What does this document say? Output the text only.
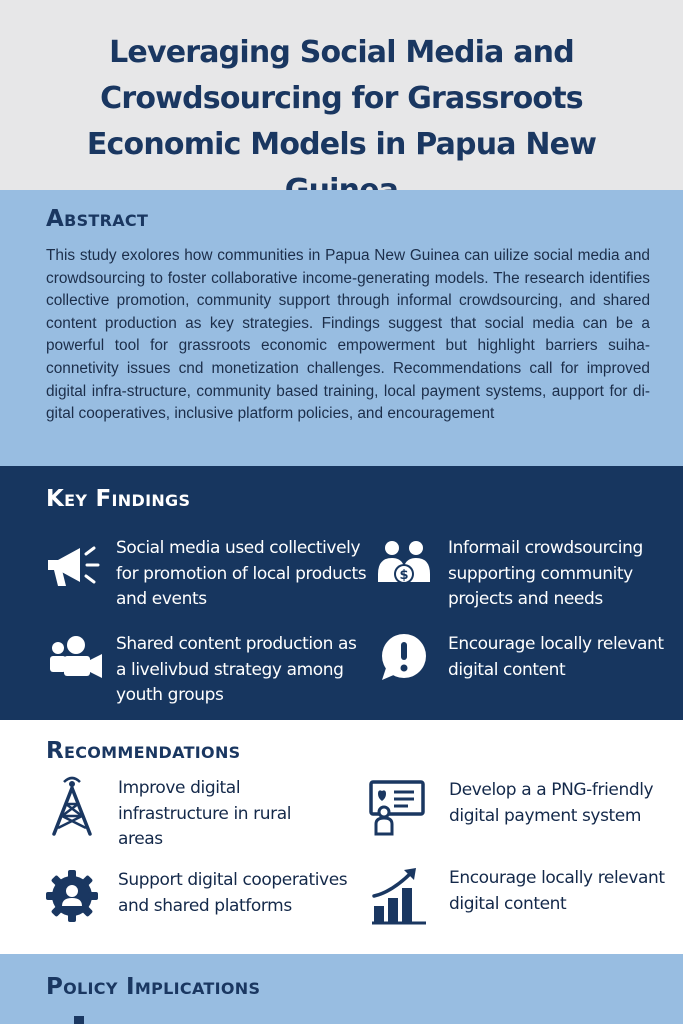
Leveraging Social Media and Crowdsourcing for Grassroots Economic Models in Papua New
Abstract
This study exolores how communities in Papua New Guinea can uilize social media and crowdsourcing to foster collaborative income-generating models. The research identifies collective promotion, community support through informal crowdsourcing, and shared content production as key strategies. Findings suggest that social media can be a powerful tool for grassroots economic empowerment but highlight barriers suiha-connetivity issues cnd monetization challenges. Recommendations call for improved digital infra-structure, community based training, local payment systems, aupport for di-gital cooperatives, inclusive platform policies, and encouragement
Key Findings
Social media used collectively for promotion of local products and events
$
Informail crowdsourcing supporting community projects and needs
Shared content production as a livelivbud strategy among youth groups
Encourage locally relevant digital content
Recommendations
Improve digital infrastructure in rural areas
Develop a a PNG-friendly digital payment system
Support digital cooperatives and shared platforms
Encourage locally relevant digital content
Policy Implications
